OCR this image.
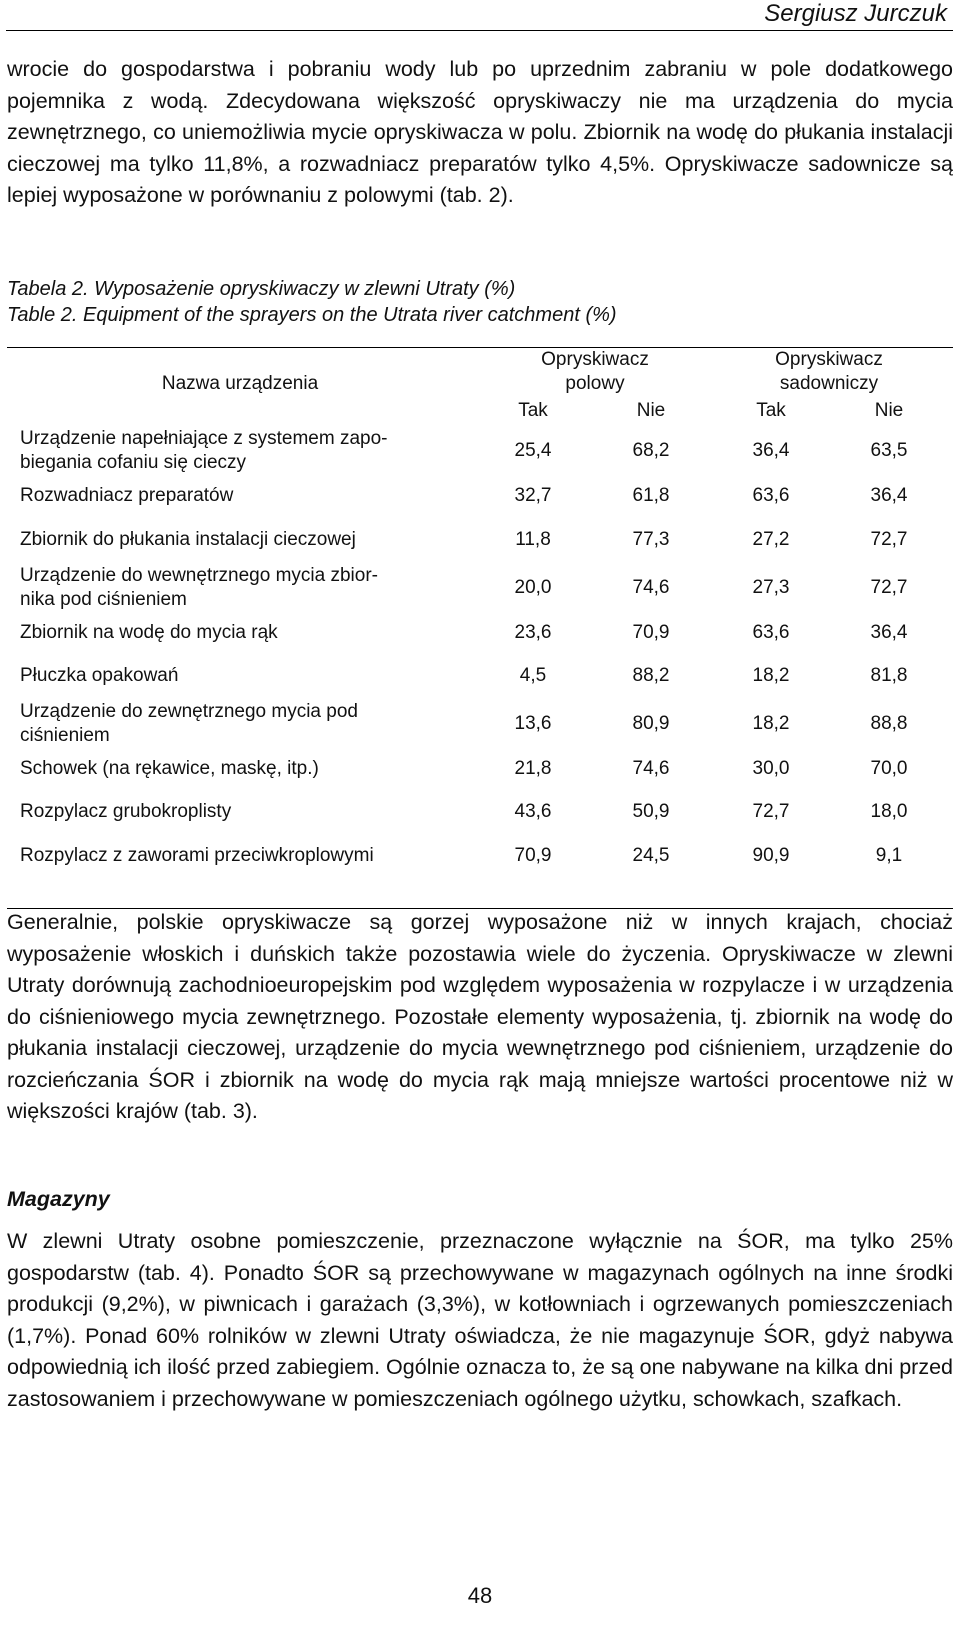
Sergiusz Jurczuk

wrocie do gospodarstwa i pobraniu wody lub po uprzednim zabraniu w pole dodatkowego pojemnika z wodą. Zdecydowana większość opryskiwaczy nie ma urządzenia do mycia zewnętrznego, co uniemożliwia mycie opryskiwacza w polu. Zbiornik na wodę do płukania instalacji cieczowej ma tylko 11,8%, a rozwadniacz preparatów tylko 4,5%. Opryskiwacze sadownicze są lepiej wyposażone w porównaniu z polowymi (tab. 2).

Tabela 2. Wyposażenie opryskiwaczy w zlewni Utraty (%)
Table 2. Equipment of the sprayers on the Utrata river catchment (%)
Nazwa urządzenia
Opryskiwacz
polowy
Opryskiwacz
sadowniczy
Tak	Nie	Tak	Nie
Urządzenie napełniające z systemem zapo-
biegania cofaniu się cieczy
25,4	68,2	36,4	63,5
Rozwadniacz preparatów	32,7	61,8	63,6	36,4
Zbiornik do płukania instalacji cieczowej	11,8	77,3	27,2	72,7
Urządzenie do wewnętrznego mycia zbior-
nika pod ciśnieniem
20,0	74,6	27,3	72,7
Zbiornik na wodę do mycia rąk	23,6	70,9	63,6	36,4
Płuczka opakowań	4,5	88,2	18,2	81,8
Urządzenie do zewnętrznego mycia pod
ciśnieniem
13,6	80,9	18,2	88,8
Schowek (na rękawice, maskę, itp.)	21,8	74,6	30,0	70,0
Rozpylacz grubokroplisty	43,6	50,9	72,7	18,0
Rozpylacz z zaworami przeciwkroplowymi	70,9	24,5	90,9	9,1

Generalnie, polskie opryskiwacze są gorzej wyposażone niż w innych krajach, chociaż wyposażenie włoskich i duńskich także pozostawia wiele do życzenia. Opryskiwacze w zlewni Utraty dorównują zachodnioeuropejskim pod względem wyposażenia w rozpylacze i w urządzenia do ciśnieniowego mycia zewnętrznego. Pozostałe elementy wyposażenia, tj. zbiornik na wodę do płukania instalacji cieczowej, urządzenie do mycia wewnętrznego pod ciśnieniem, urządzenie do rozcieńczania ŚOR i zbiornik na wodę do mycia rąk mają mniejsze wartości procentowe niż w większości krajów (tab. 3).

Magazyny

W zlewni Utraty osobne pomieszczenie, przeznaczone wyłącznie na ŚOR, ma tylko 25% gospodarstw (tab. 4). Ponadto ŚOR są przechowywane w magazynach ogólnych na inne środki produkcji (9,2%), w piwnicach i garażach (3,3%), w kotłowniach i ogrzewanych pomieszczeniach (1,7%). Ponad 60% rolników w zlewni Utraty oświadcza, że nie magazynuje ŚOR, gdyż nabywa odpowiednią ich ilość przed zabiegiem. Ogólnie oznacza to, że są one nabywane na kilka dni przed zastosowaniem i przechowywane w pomieszczeniach ogólnego użytku, schowkach, szafkach.

48
